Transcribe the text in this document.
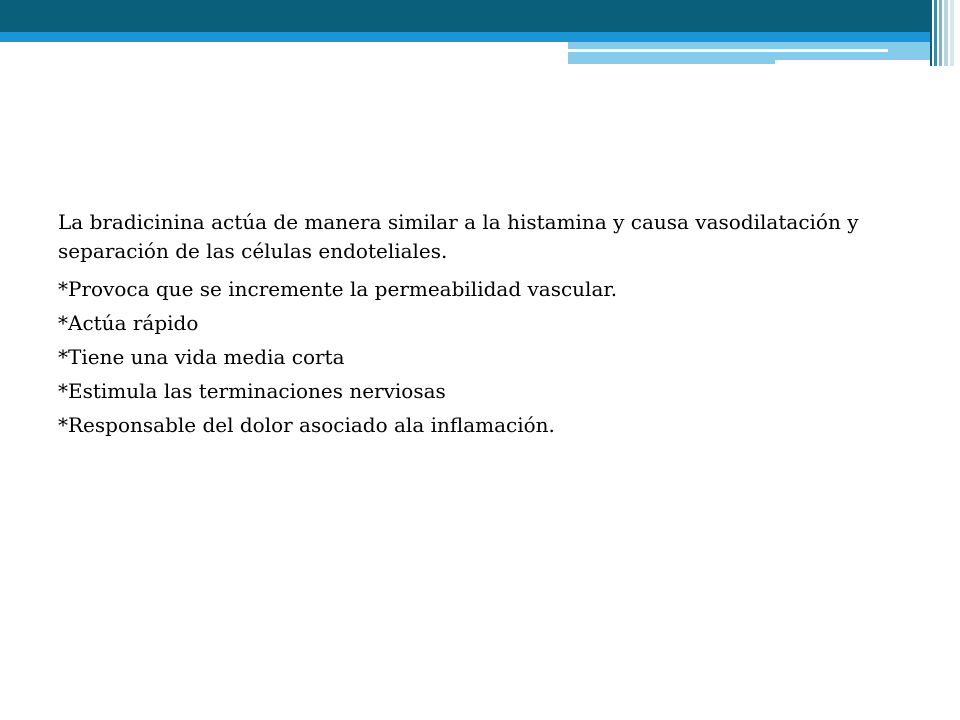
La bradicinina actúa de manera similar a la histamina y causa vasodilatación y separación de las células endoteliales.

*Provoca que se incremente la permeabilidad vascular.

*Actúa rápido

*Tiene una vida media corta

*Estimula las terminaciones nerviosas

*Responsable del dolor asociado ala inflamación.
